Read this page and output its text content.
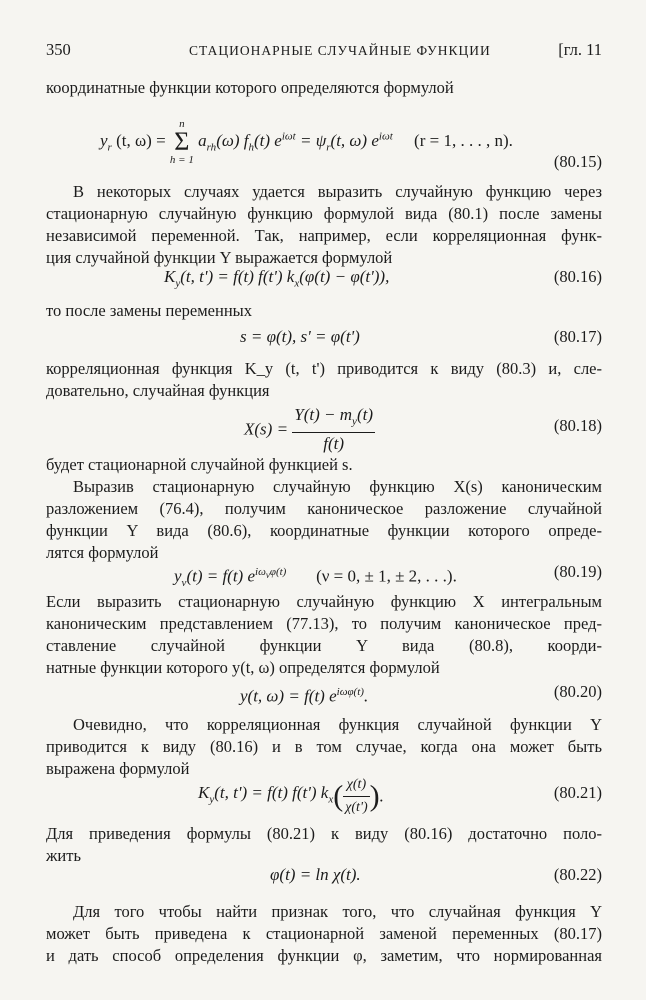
350	СТАЦИОНАРНЫЕ СЛУЧАЙНЫЕ ФУНКЦИИ	[гл. 11
координатные функции которого определяются формулой
$y_r$ (t, ω) =
n
Σ
h = 1
$a_{rh}(\omega)$ $f_h(t) e^{i\omega t} = \psi_r(t$, ω) $e^{i\omega t}$ (r = 1, . . . , n).
(80.15)
В некоторых случаях удается выразить случайную функцию через
стационарную случайную функцию формулой вида (80.1) после замены
независимой переменной. Так, например, если корреляционная функ-
ция случайной функции Y выражается формулой
$K_y(t$, t') = f(t) f(t') $k_x(\varphi(t) - \varphi(t'))$,	(80.16)
то после замены переменных
s = φ(t), s' = φ(t')	(80.17)
корреляционная функция K_y (t, t') приводится к виду (80.3) и, сле-
довательно, случайная функция
$X(s) = \frac{Y(t) - m_y(t)}{f(t)}$	(80.18)
будет стационарной случайной функцией s.
Выразив стационарную случайную функцию X(s) каноническим
разложением (76.4), получим каноническое разложение случайной
функции Y вида (80.6), координатные функции которого опреде-
лятся формулой
$y_\nu(t) = f(t)$ $e^{i\omega_\nu\varphi(t)}$ (ν = 0, ± 1, ± 2, . . .).	(80.19)
Если выразить стационарную случайную функцию X интегральным
каноническим представлением (77.13), то получим каноническое пред-
ставление случайной функции Y вида (80.8), коорди-
натные функции которого y(t, ω) определятся формулой
y(t, ω) = f(t) $e^{i\omega\varphi(t)}$.	(80.20)
Очевидно, что корреляционная функция случайной функции Y
приводится к виду (80.16) и в том случае, когда она может быть
выражена формулой
$K_y(t$, t') = f(t) f(t') $k_x( \frac{\chi(t)}{\chi(t')}$ ).	(80.21)
Для приведения формулы (80.21) к виду (80.16) достаточно поло-
жить
φ(t) = ln χ(t).	(80.22)
Для того чтобы найти признак того, что случайная функция Y
может быть приведена к стационарной заменой переменных (80.17)
и дать способ определения функции φ, заметим, что нормированная
